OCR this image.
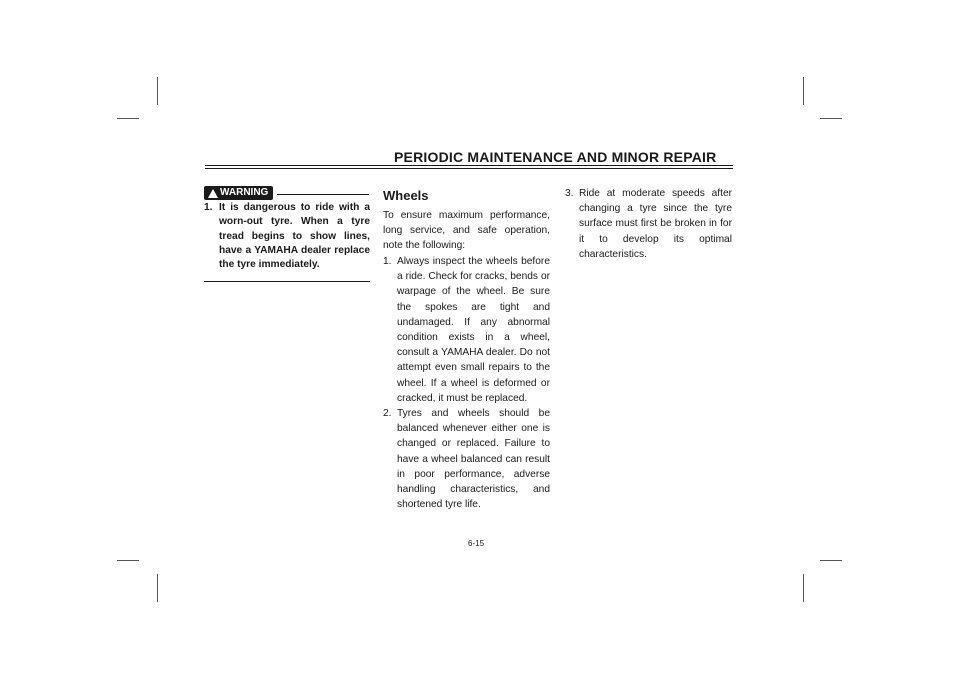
PERIODIC MAINTENANCE AND MINOR REPAIR
WARNING
1. It is dangerous to ride with a worn-out tyre. When a tyre tread begins to show lines, have a YAMAHA dealer replace the tyre immediately.

Wheels

To ensure maximum performance, long service, and safe operation, note the following:

1. Always inspect the wheels before a ride. Check for cracks, bends or warpage of the wheel. Be sure the spokes are tight and undamaged. If any abnormal condition exists in a wheel, consult a YAMAHA dealer. Do not attempt even small repairs to the wheel. If a wheel is deformed or cracked, it must be replaced.
2. Tyres and wheels should be balanced whenever either one is changed or replaced. Failure to have a wheel balanced can result in poor performance, adverse handling characteristics, and shortened tyre life.
3. Ride at moderate speeds after changing a tyre since the tyre surface must first be broken in for it to develop its optimal characteristics.
6-15
